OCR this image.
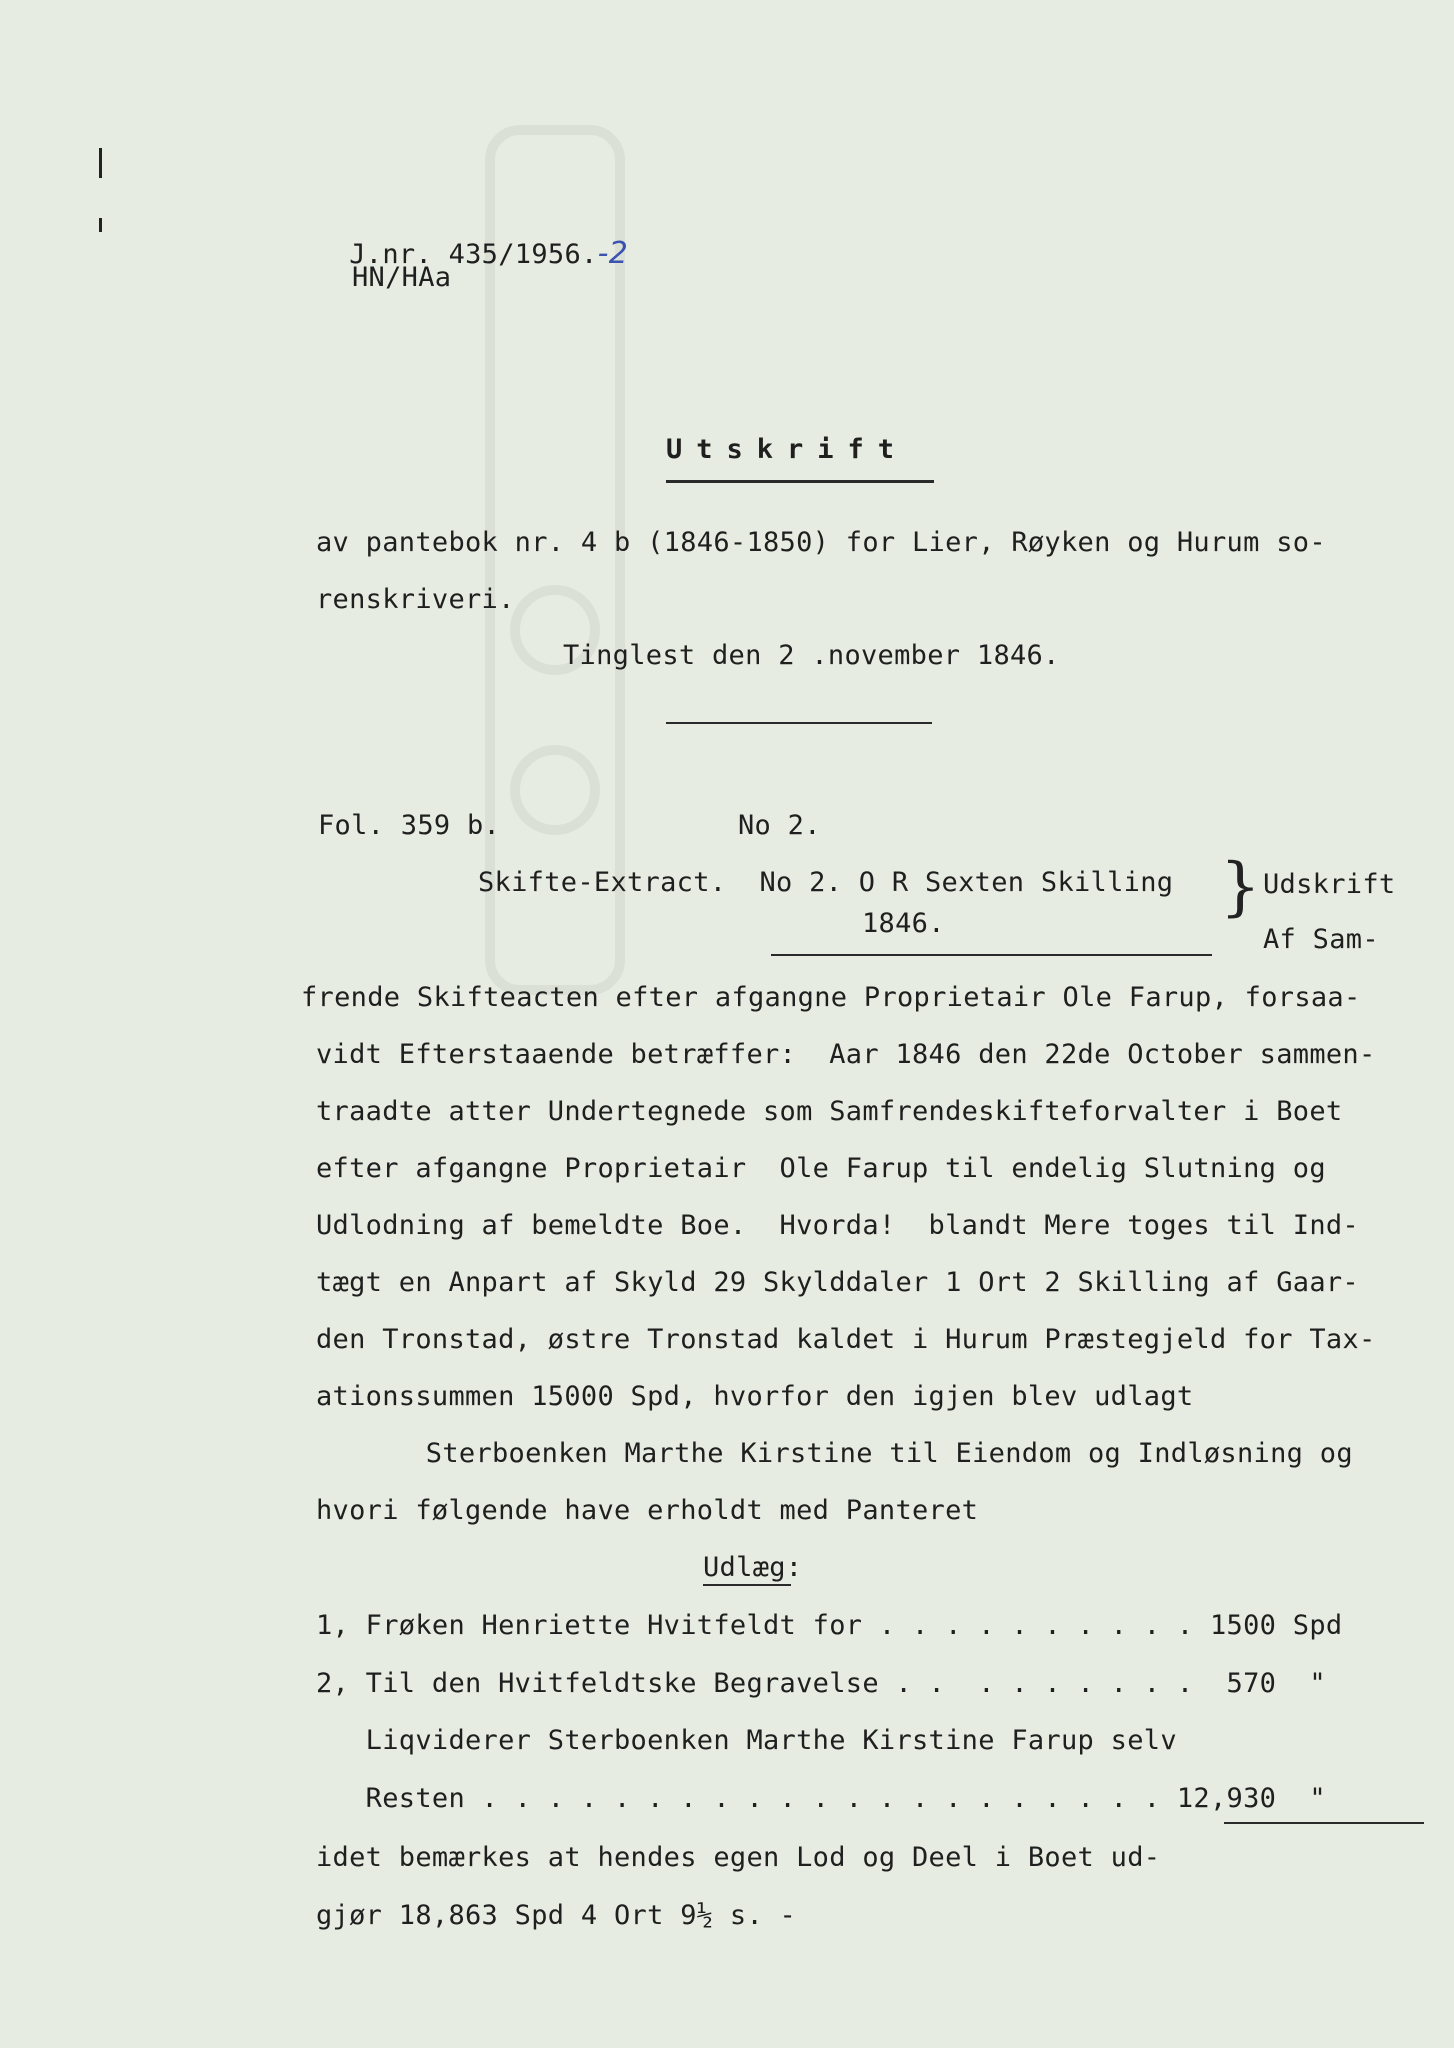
J.nr. 435/1956.-2

HN/HAa
Utskrift
av pantebok nr. 4 b (1846-1850) for Lier, Røyken og Hurum so-
renskriveri.
Tinglest den 2 .november 1846.
Fol. 359 b.	No 2.
Skifte-Extract.  No 2. O R Sexten Skilling
1846.	} Udskrift
Af Sam-
frende Skifteacten efter afgangne Proprietair Ole Farup, forsaa-
vidt Efterstaaende betræffer:  Aar 1846 den 22de October sammen-
traadte atter Undertegnede som Samfrendeskifteforvalter i Boet
efter afgangne Proprietair  Ole Farup til endelig Slutning og
Udlodning af bemeldte Boe.  Hvorda!  blandt Mere toges til Ind-
tægt en Anpart af Skyld 29 Skylddaler 1 Ort 2 Skilling af Gaar-
den Tronstad, østre Tronstad kaldet i Hurum Præstegjeld for Tax-
ationssummen 15000 Spd, hvorfor den igjen blev udlagt
Sterboenken Marthe Kirstine til Eiendom og Indløsning og
hvori følgende have erholdt med Panteret
Udlæg:
1, Frøken Henriette Hvitfeldt for . . . . . . . . . . 1500 Spd
2, Til den Hvitfeldtske Begravelse . .  . . . . . . .  570  "
Liqviderer Sterboenken Marthe Kirstine Farup selv
Resten . . . . . . . . . . . . . . . . . . . . . 12,930  "
idet bemærkes at hendes egen Lod og Deel i Boet ud-
gjør 18,863 Spd 4 Ort 9½ s. -
